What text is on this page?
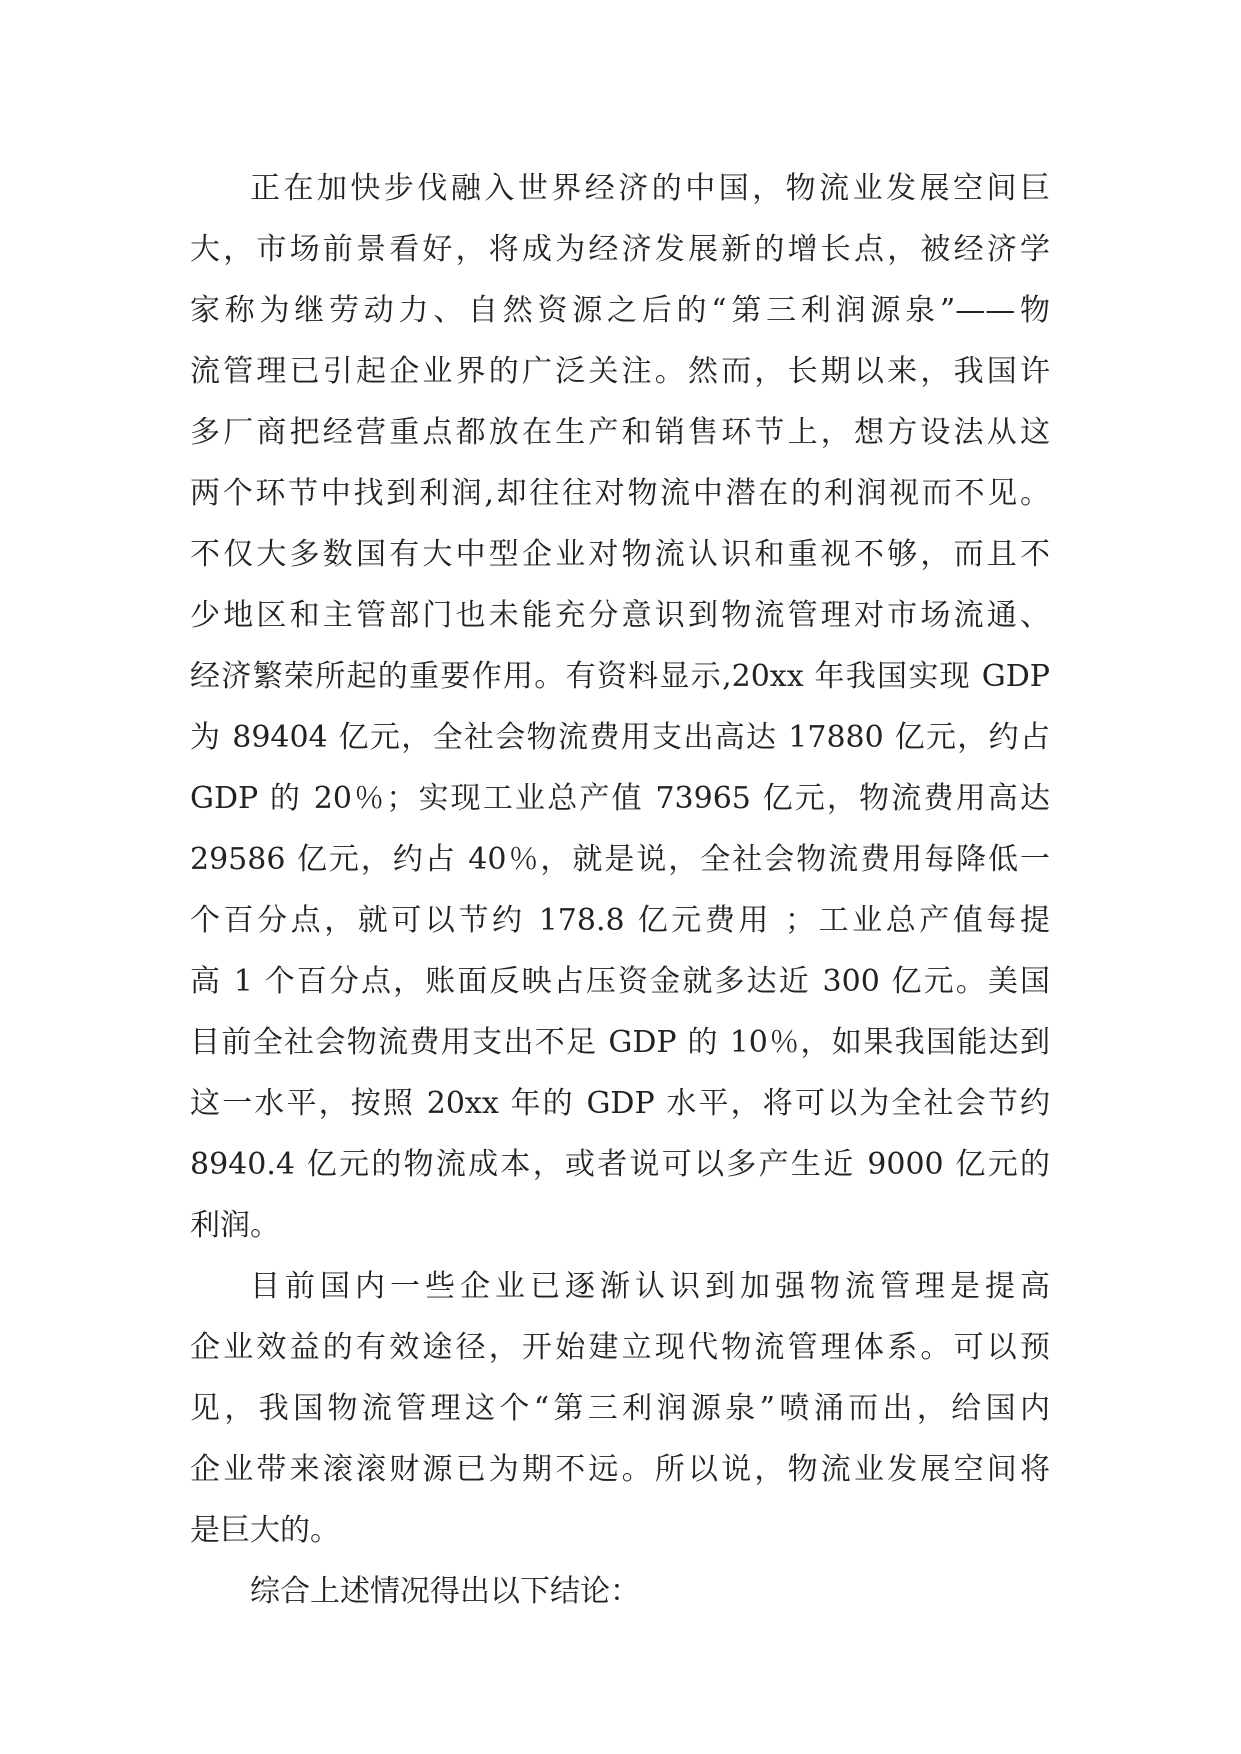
正在加快步伐融入世界经济的中国，物流业发展空间巨
大，市场前景看好，将成为经济发展新的增长点，被经济学
家称为继劳动力、自然资源之后的“第三利润源泉”——物
流管理已引起企业界的广泛关注。然而，长期以来，我国许
多厂商把经营重点都放在生产和销售环节上，想方设法从这
两个环节中找到利润,却往往对物流中潜在的利润视而不见。
不仅大多数国有大中型企业对物流认识和重视不够，而且不
少地区和主管部门也未能充分意识到物流管理对市场流通、
经济繁荣所起的重要作用。有资料显示,20xx 年我国实现 GDP
为 89404 亿元，全社会物流费用支出高达 17880 亿元，约占
GDP 的 20％；实现工业总产值 73965 亿元，物流费用高达
29586 亿元，约占 40％，就是说，全社会物流费用每降低一
个百分点，就可以节约 178.8 亿元费用 ；工业总产值每提
高 1 个百分点，账面反映占压资金就多达近 300 亿元。美国
目前全社会物流费用支出不足 GDP 的 10％，如果我国能达到
这一水平，按照 20xx 年的 GDP 水平，将可以为全社会节约
8940.4 亿元的物流成本，或者说可以多产生近 9000 亿元的
利润。
目前国内一些企业已逐渐认识到加强物流管理是提高
企业效益的有效途径，开始建立现代物流管理体系。可以预
见，我国物流管理这个“第三利润源泉”喷涌而出，给国内
企业带来滚滚财源已为期不远。所以说，物流业发展空间将
是巨大的。
综合上述情况得出以下结论：
